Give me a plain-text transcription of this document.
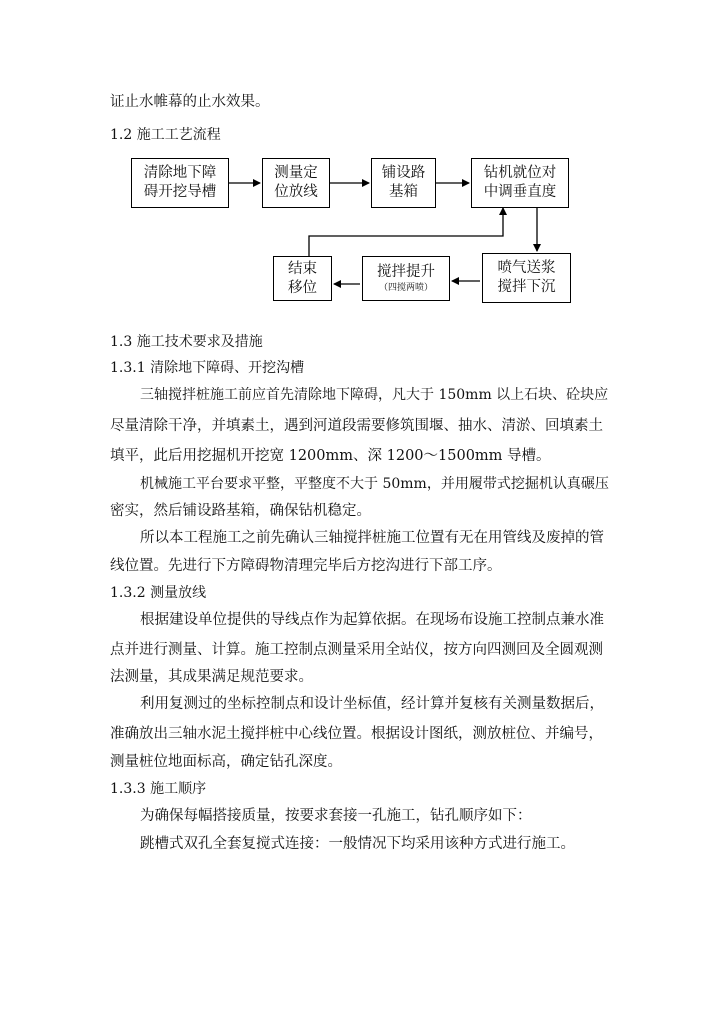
证止水帷幕的止水效果。
1.2 施工工艺流程
清除地下障
碍开挖导槽
测量定
位放线
铺设路
基箱
钻机就位对
中调垂直度
喷气送浆
搅拌下沉
搅拌提升
（四搅两喷）
结束
移位
1.3 施工技术要求及措施
1.3.1 清除地下障碍、开挖沟槽
三轴搅拌桩施工前应首先清除地下障碍，凡大于 150mm 以上石块、砼块应
尽量清除干净，并填素土，遇到河道段需要修筑围堰、抽水、清淤、回填素土
填平，此后用挖掘机开挖宽 1200mm、深 1200～1500mm 导槽。
机械施工平台要求平整，平整度不大于 50mm，并用履带式挖掘机认真碾压
密实，然后铺设路基箱，确保钻机稳定。
所以本工程施工之前先确认三轴搅拌桩施工位置有无在用管线及废掉的管
线位置。先进行下方障碍物清理完毕后方挖沟进行下部工序。
1.3.2 测量放线
根据建设单位提供的导线点作为起算依据。在现场布设施工控制点兼水准
点并进行测量、计算。施工控制点测量采用全站仪，按方向四测回及全圆观测
法测量，其成果满足规范要求。
利用复测过的坐标控制点和设计坐标值，经计算并复核有关测量数据后，
准确放出三轴水泥土搅拌桩中心线位置。根据设计图纸，测放桩位、并编号，
测量桩位地面标高，确定钻孔深度。
1.3.3 施工顺序
为确保每幅搭接质量，按要求套接一孔施工，钻孔顺序如下：
跳槽式双孔全套复搅式连接：一般情况下均采用该种方式进行施工。
